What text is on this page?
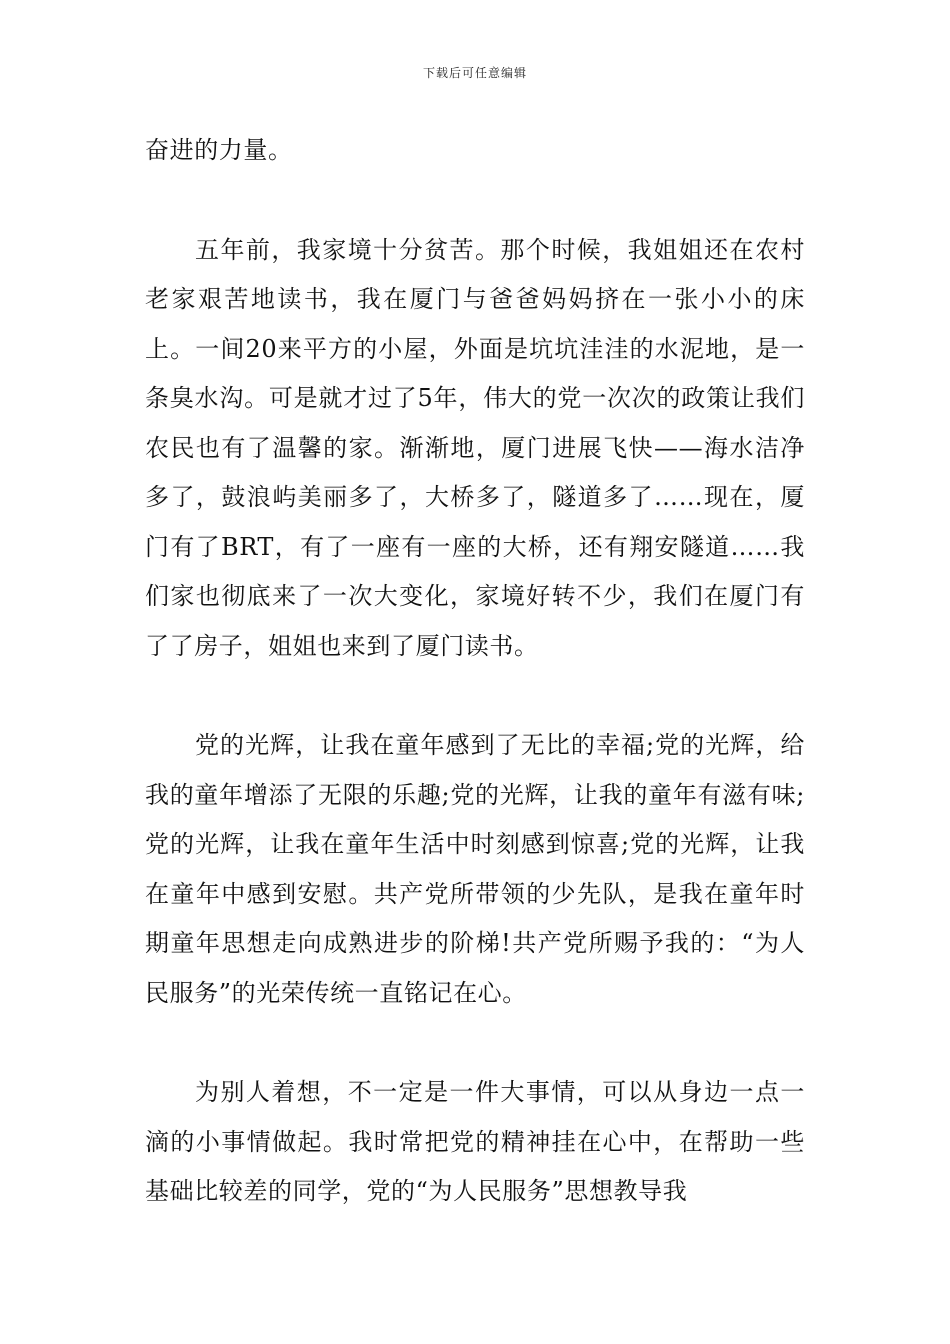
下载后可任意编辑

奋进的力量。

五年前，我家境十分贫苦。那个时候，我姐姐还在农村老家艰苦地读书，我在厦门与爸爸妈妈挤在一张小小的床上。一间20来平方的小屋，外面是坑坑洼洼的水泥地，是一条臭水沟。可是就才过了5年，伟大的党一次次的政策让我们农民也有了温馨的家。渐渐地，厦门进展飞快——海水洁净多了，鼓浪屿美丽多了，大桥多了，隧道多了……现在，厦门有了BRT，有了一座有一座的大桥，还有翔安隧道……我们家也彻底来了一次大变化，家境好转不少，我们在厦门有了了房子，姐姐也来到了厦门读书。

党的光辉，让我在童年感到了无比的幸福;党的光辉，给我的童年增添了无限的乐趣;党的光辉，让我的童年有滋有味;党的光辉，让我在童年生活中时刻感到惊喜;党的光辉，让我在童年中感到安慰。共产党所带领的少先队，是我在童年时期童年思想走向成熟进步的阶梯!共产党所赐予我的：“为人民服务”的光荣传统一直铭记在心。

为别人着想，不一定是一件大事情，可以从身边一点一滴的小事情做起。我时常把党的精神挂在心中，在帮助一些基础比较差的同学，党的“为人民服务”思想教导我
